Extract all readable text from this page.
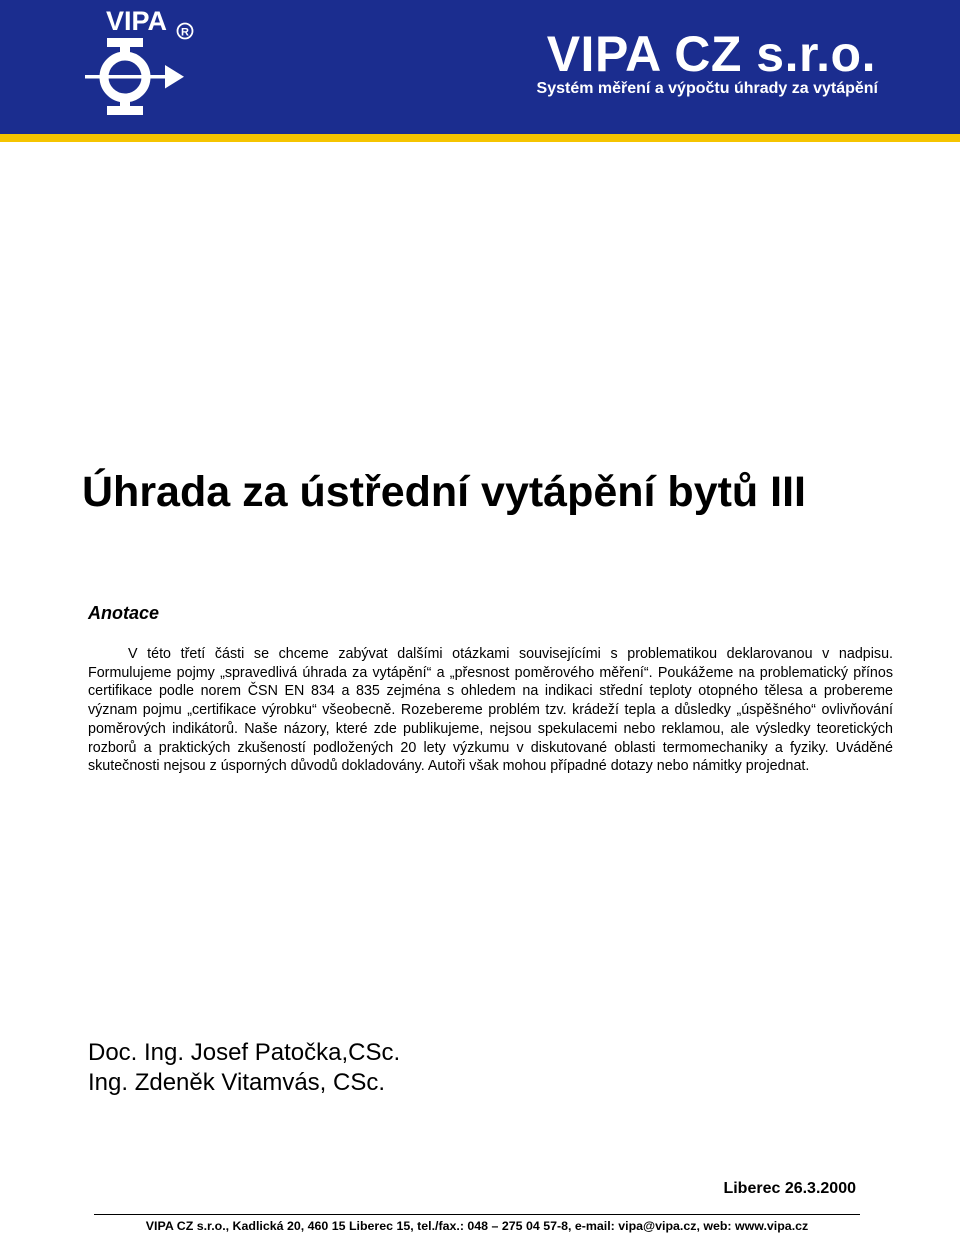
R
VIPA
VIPA CZ s.r.o.
Systém měření a výpočtu úhrady za vytápění
Úhrada za ústřední vytápění bytů III
Anotace

V této třetí části se chceme zabývat dalšími otázkami souvisejícími s problematikou deklarovanou v nadpisu. Formulujeme pojmy „spravedlivá úhrada za vytápění“ a „přesnost poměrového měření“. Poukážeme na problematický přínos certifikace podle norem ČSN EN 834 a 835 zejména s ohledem na indikaci střední teploty otopného tělesa a probereme význam pojmu „certifikace výrobku“ všeobecně. Rozebereme problém tzv. krádeží tepla a důsledky „úspěšného“ ovlivňování poměrových indikátorů. Naše názory, které zde publikujeme, nejsou spekulacemi nebo reklamou, ale výsledky teoretických rozborů a praktických zkušeností podložených 20 lety výzkumu v diskutované oblasti termomechaniky a fyziky. Uváděné skutečnosti nejsou z úsporných důvodů dokladovány. Autoři však mohou případné dotazy nebo námitky projednat.

Doc. Ing. Josef Patočka,CSc.
Ing. Zdeněk Vitamvás, CSc.
Liberec 26.3.2000
VIPA CZ s.r.o., Kadlická 20, 460 15 Liberec 15, tel./fax.: 048 – 275 04 57-8, e-mail: vipa@vipa.cz, web: www.vipa.cz
